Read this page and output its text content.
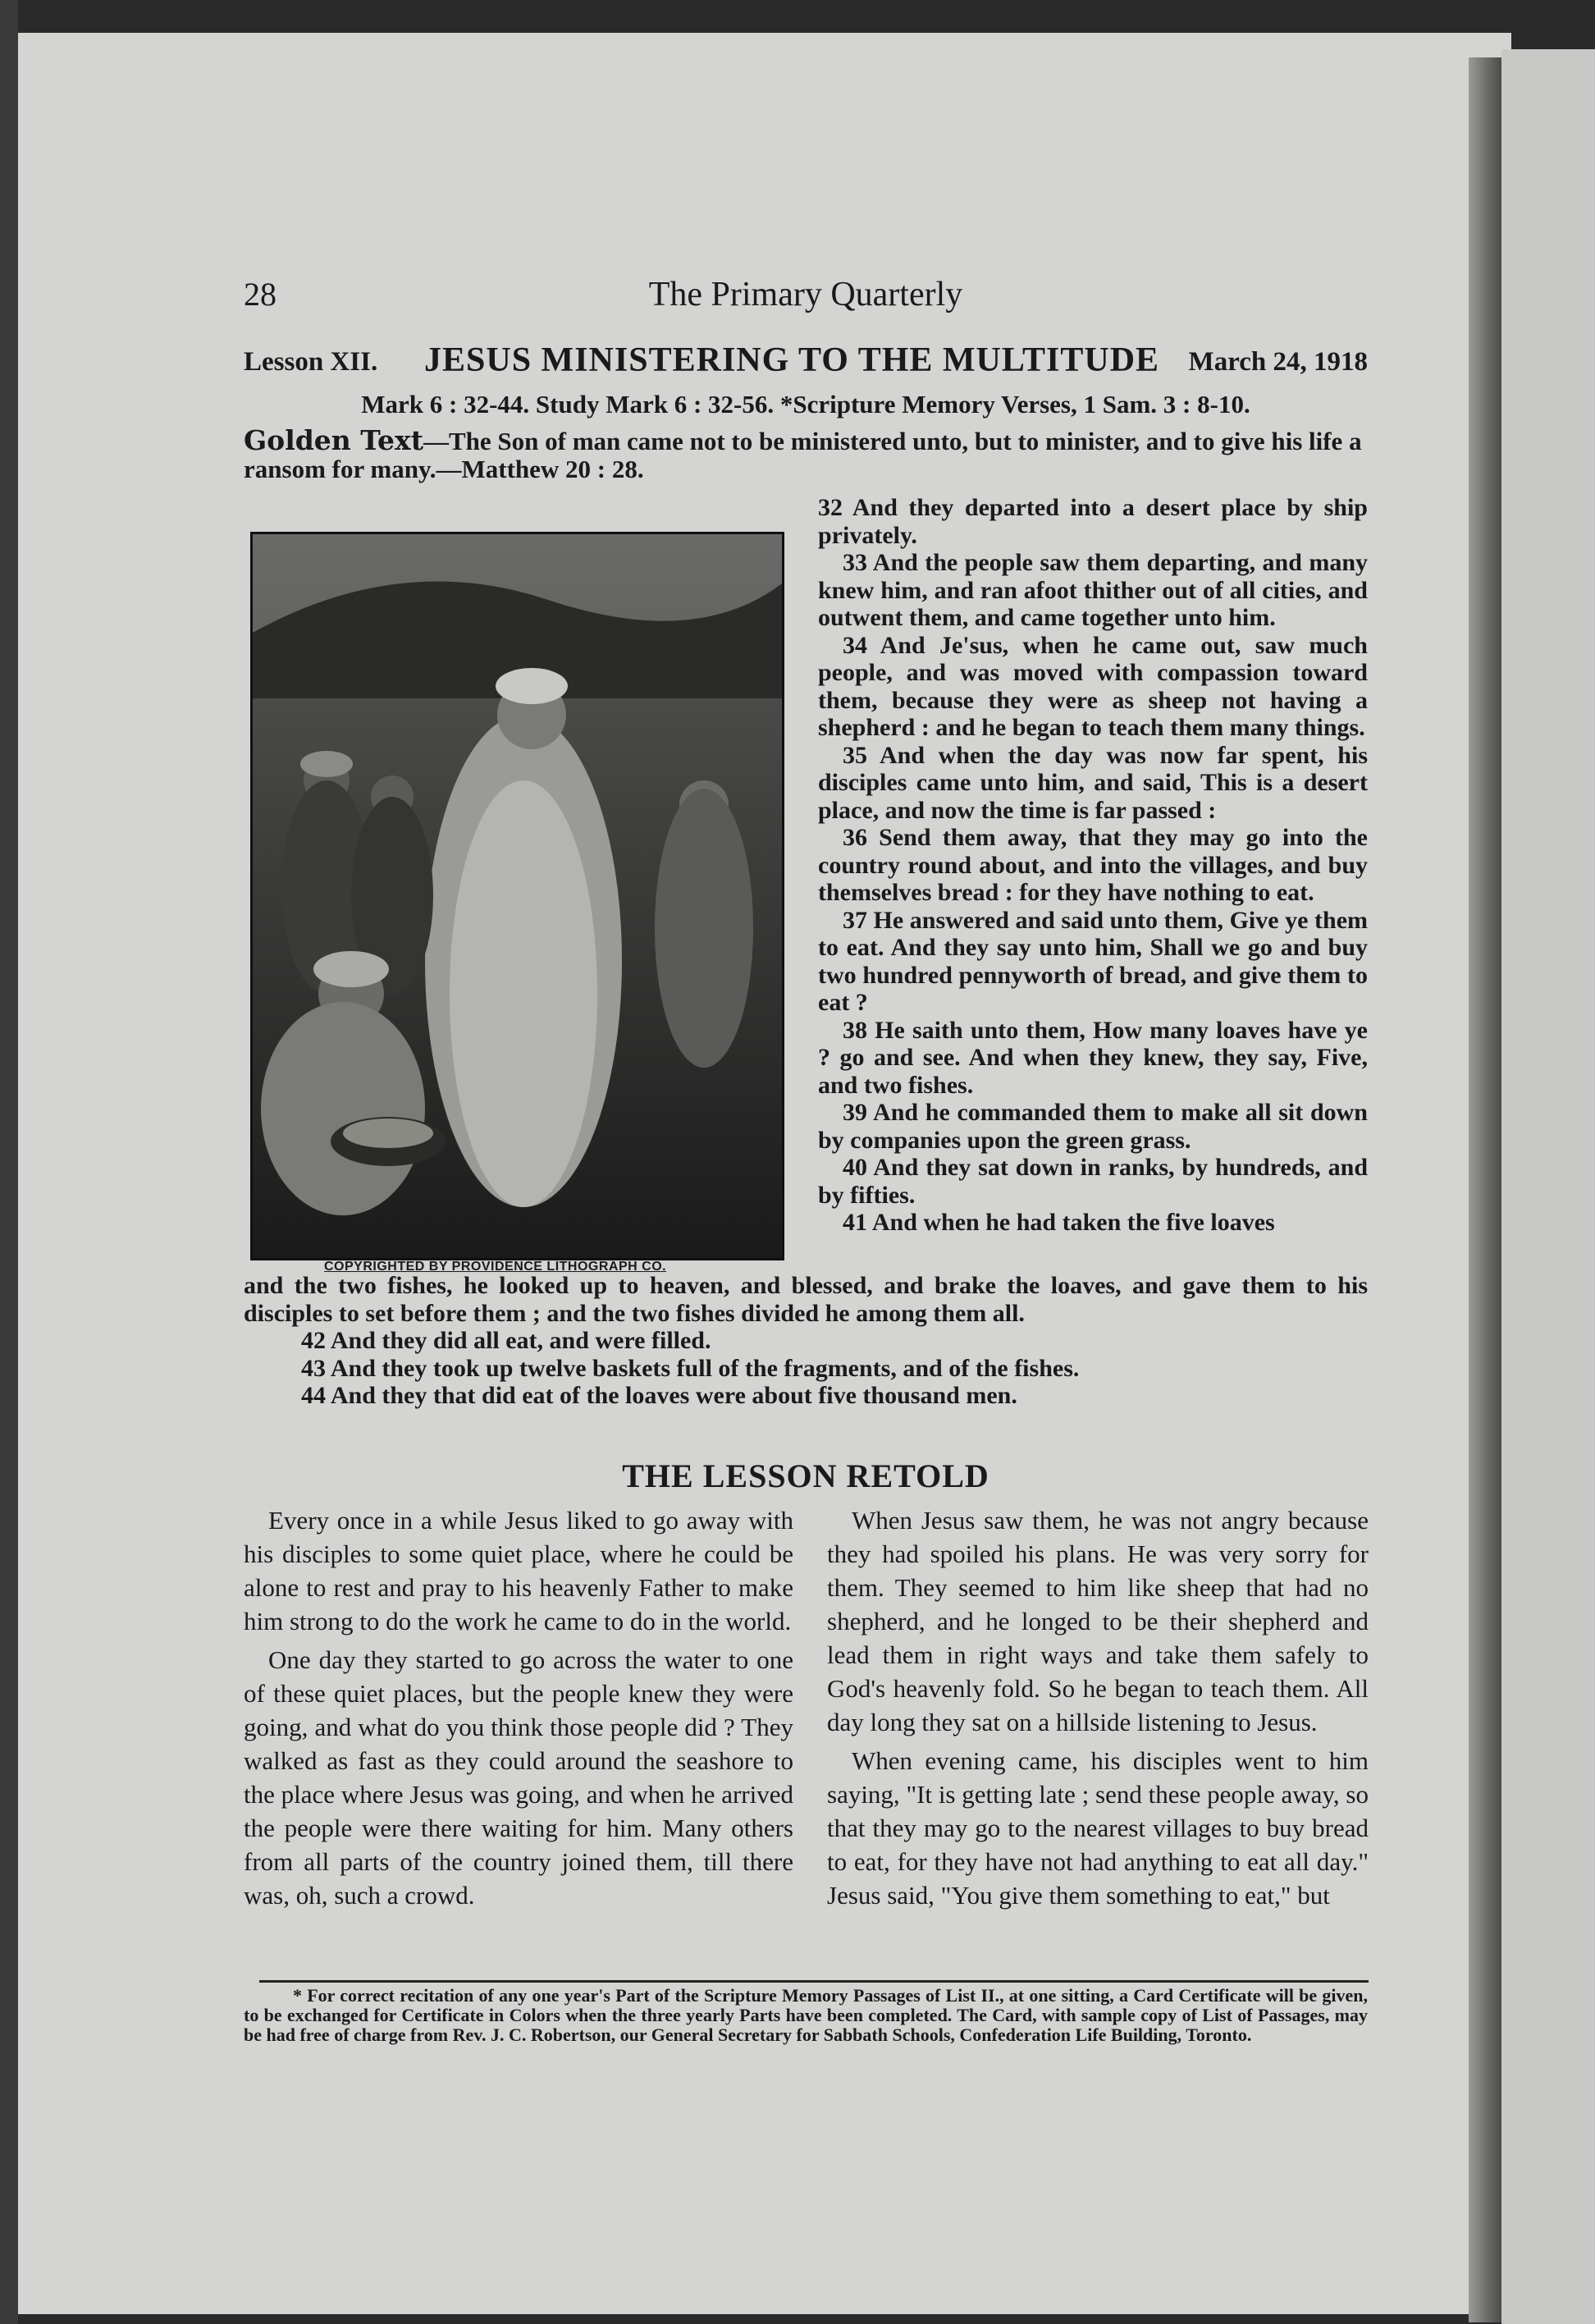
28	The Primary Quarterly
Lesson XII. JESUS MINISTERING TO THE MULTITUDE March 24, 1918
Mark 6 : 32-44. Study Mark 6 : 32-56. *Scripture Memory Verses, 1 Sam. 3 : 8-10.
Golden Text—The Son of man came not to be ministered unto, but to minister, and to give his life a ransom for many.—Matthew 20 : 28.
COPYRIGHTED BY PROVIDENCE LITHOGRAPH CO.

32 And they departed into a desert place by ship privately.

33 And the people saw them departing, and many knew him, and ran afoot thither out of all cities, and outwent them, and came together unto him.

34 And Je'sus, when he came out, saw much people, and was moved with compassion toward them, because they were as sheep not having a shepherd : and he began to teach them many things.

35 And when the day was now far spent, his disciples came unto him, and said, This is a desert place, and now the time is far passed :

36 Send them away, that they may go into the country round about, and into the villages, and buy themselves bread : for they have nothing to eat.

37 He answered and said unto them, Give ye them to eat. And they say unto him, Shall we go and buy two hundred pennyworth of bread, and give them to eat ?

38 He saith unto them, How many loaves have ye ? go and see. And when they knew, they say, Five, and two fishes.

39 And he commanded them to make all sit down by companies upon the green grass.

40 And they sat down in ranks, by hundreds, and by fifties.

41 And when he had taken the five loaves

and the two fishes, he looked up to heaven, and blessed, and brake the loaves, and gave them to his disciples to set before them ; and the two fishes divided he among them all.

42 And they did all eat, and were filled.

43 And they took up twelve baskets full of the fragments, and of the fishes.

44 And they that did eat of the loaves were about five thousand men.

THE LESSON RETOLD

Every once in a while Jesus liked to go away with his disciples to some quiet place, where he could be alone to rest and pray to his heavenly Father to make him strong to do the work he came to do in the world.

One day they started to go across the water to one of these quiet places, but the people knew they were going, and what do you think those people did ? They walked as fast as they could around the seashore to the place where Jesus was going, and when he arrived the people were there waiting for him. Many others from all parts of the country joined them, till there was, oh, such a crowd.

When Jesus saw them, he was not angry because they had spoiled his plans. He was very sorry for them. They seemed to him like sheep that had no shepherd, and he longed to be their shepherd and lead them in right ways and take them safely to God's heavenly fold. So he began to teach them. All day long they sat on a hillside listening to Jesus.

When evening came, his disciples went to him saying, "It is getting late ; send these people away, so that they may go to the nearest villages to buy bread to eat, for they have not had anything to eat all day." Jesus said, "You give them something to eat," but

* For correct recitation of any one year's Part of the Scripture Memory Passages of List II., at one sitting, a Card Certificate will be given, to be exchanged for Certificate in Colors when the three yearly Parts have been completed. The Card, with sample copy of List of Passages, may be had free of charge from Rev. J. C. Robertson, our General Secretary for Sabbath Schools, Confederation Life Building, Toronto.
